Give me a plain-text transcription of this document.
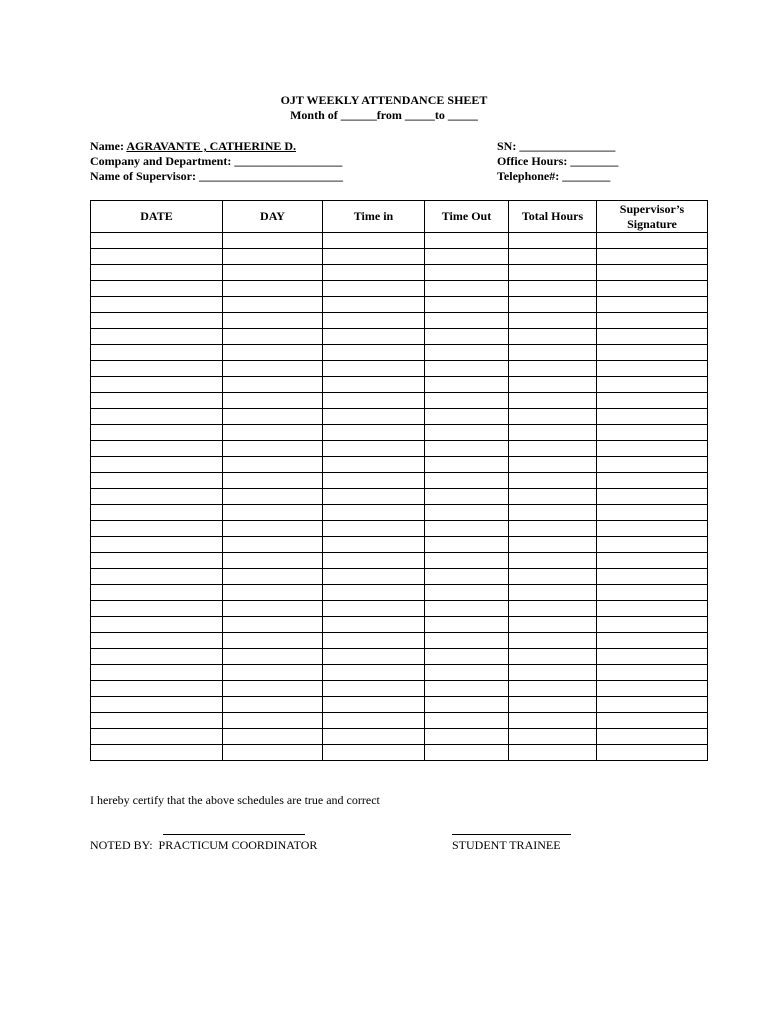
OJT WEEKLY ATTENDANCE SHEET
Month of ______from _____to _____
Name: AGRAVANTE , CATHERINE D.
Company and Department: __________________
Name of Supervisor: ________________________
SN: ________________
Office Hours: ________
Telephone#: ________
DATE	DAY	Time in	Time Out	Total Hours	Supervisor’s Signature

I hereby certify that the above schedules are true and correct
NOTED BY:  PRACTICUM COORDINATOR	STUDENT TRAINEE
